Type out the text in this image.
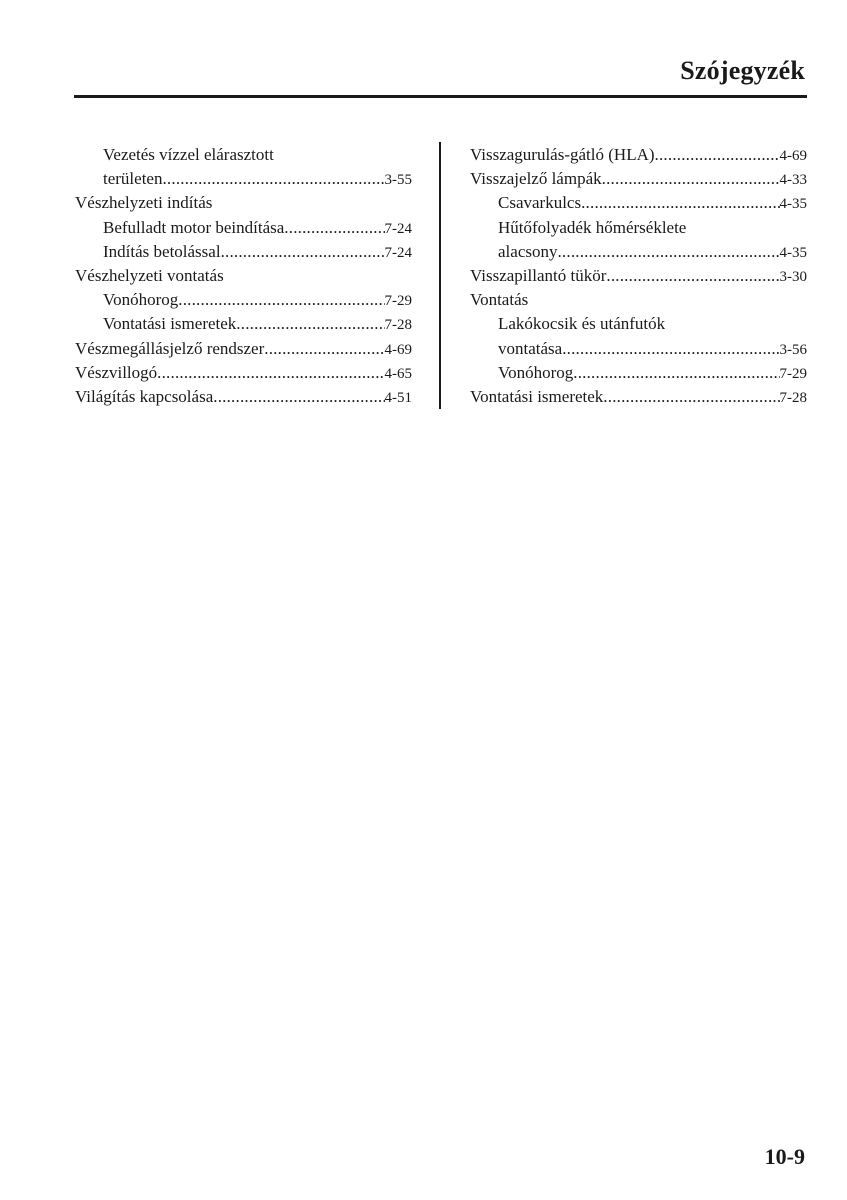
Szójegyzék
Vezetés vízzel elárasztott
területen .....	3-55
Vészhelyzeti indítás
Befulladt motor beindítása .....	7-24
Indítás betolással .....	7-24
Vészhelyzeti vontatás
Vonóhorog .....	7-29
Vontatási ismeretek .....	7-28
Vészmegállásjelző rendszer .....	4-69
Vészvillogó .....	4-65
Világítás kapcsolása .....	4-51
Visszagurulás-gátló (HLA) .....	4-69
Visszajelző lámpák .....	4-33
Csavarkulcs .....	4-35
Hűtőfolyadék hőmérséklete
alacsony .....	4-35
Visszapillantó tükör .....	3-30
Vontatás
Lakókocsik és utánfutók
vontatása .....	3-56
Vonóhorog .....	7-29
Vontatási ismeretek .....	7-28
10-9
